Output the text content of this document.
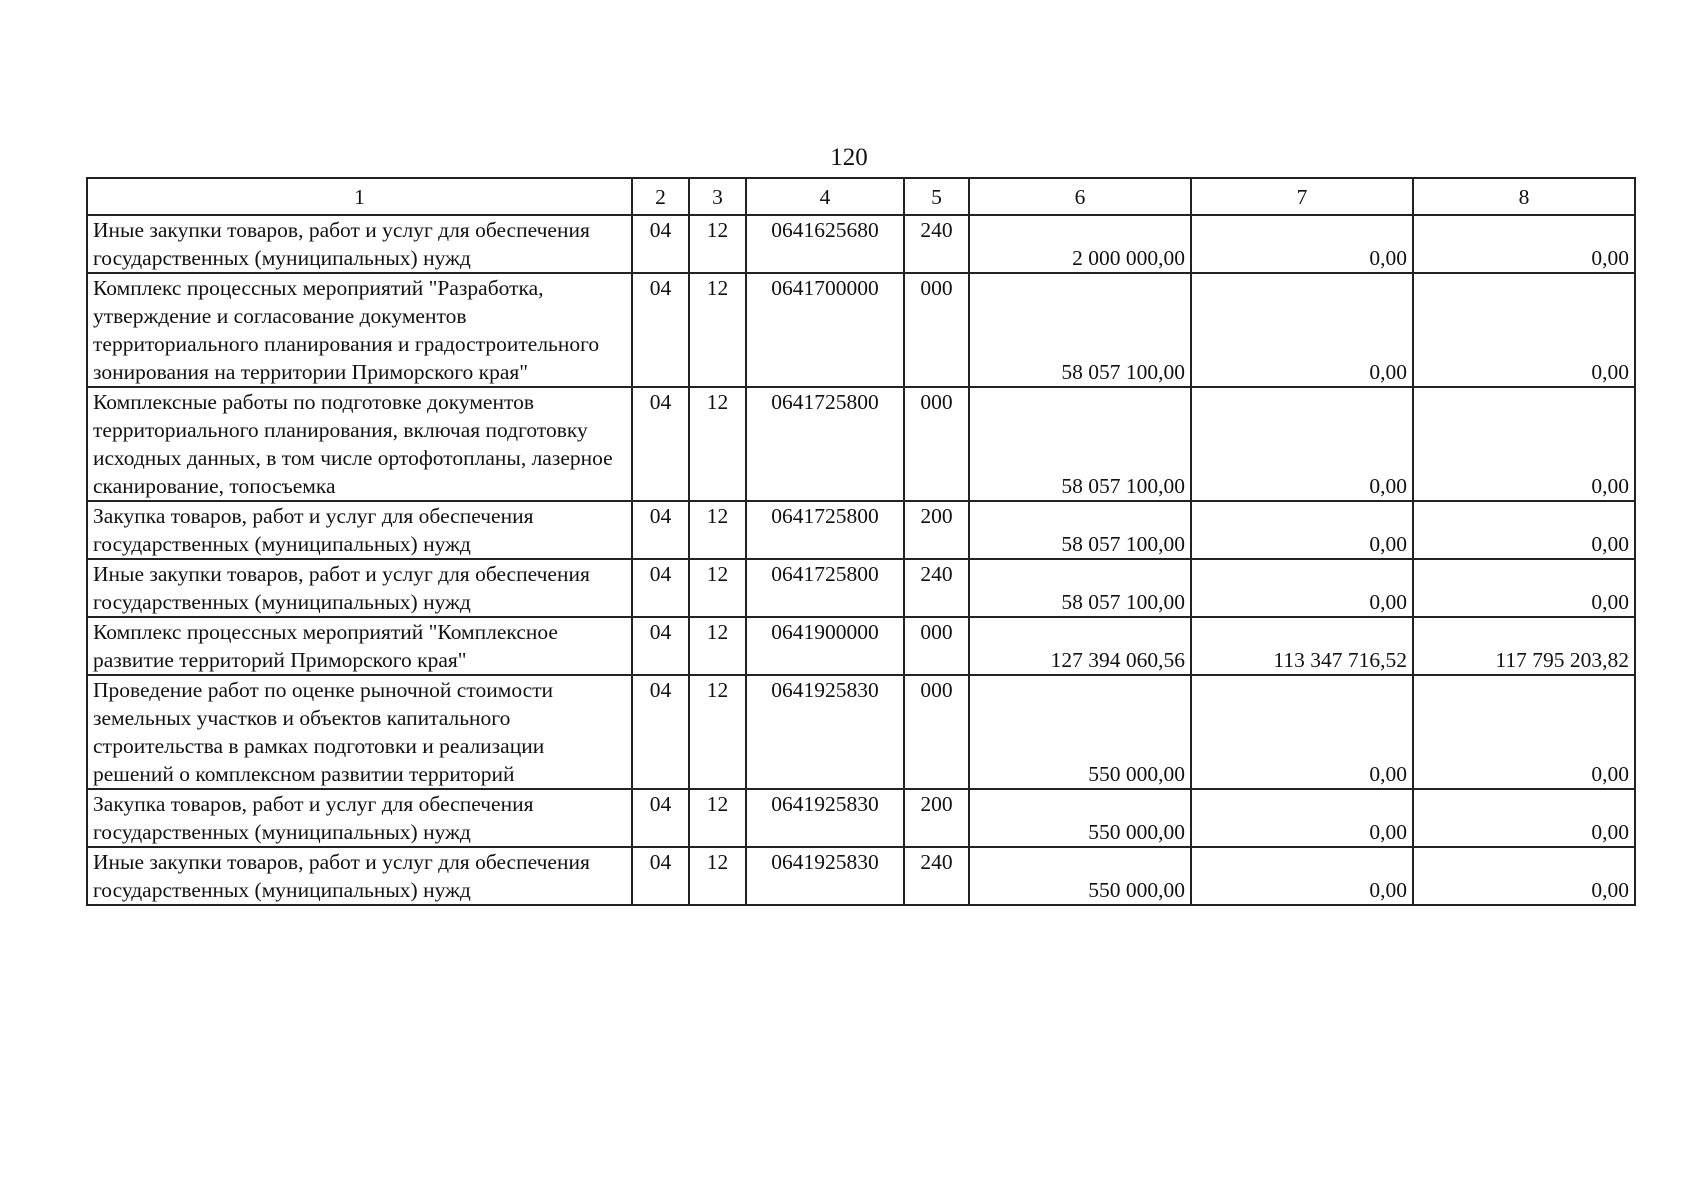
120
1	2	3	4	5	6	7	8
Иные закупки товаров, работ и услуг для обеспечения государственных (муниципальных) нужд	04	12	0641625680	240	2 000 000,00	0,00	0,00
Комплекс процессных мероприятий "Разработка, утверждение и согласование документов территориального планирования и градостроительного зонирования на территории Приморского края"	04	12	0641700000	000	58 057 100,00	0,00	0,00
Комплексные работы по подготовке документов территориального планирования, включая подготовку исходных данных, в том числе ортофотопланы, лазерное сканирование, топосъемка	04	12	0641725800	000	58 057 100,00	0,00	0,00
Закупка товаров, работ и услуг для обеспечения государственных (муниципальных) нужд	04	12	0641725800	200	58 057 100,00	0,00	0,00
Иные закупки товаров, работ и услуг для обеспечения государственных (муниципальных) нужд	04	12	0641725800	240	58 057 100,00	0,00	0,00
Комплекс процессных мероприятий "Комплексное развитие территорий Приморского края"	04	12	0641900000	000	127 394 060,56	113 347 716,52	117 795 203,82
Проведение работ по оценке рыночной стоимости земельных участков и объектов капитального строительства в рамках подготовки и реализации решений о комплексном развитии территорий	04	12	0641925830	000	550 000,00	0,00	0,00
Закупка товаров, работ и услуг для обеспечения государственных (муниципальных) нужд	04	12	0641925830	200	550 000,00	0,00	0,00
Иные закупки товаров, работ и услуг для обеспечения государственных (муниципальных) нужд	04	12	0641925830	240	550 000,00	0,00	0,00
